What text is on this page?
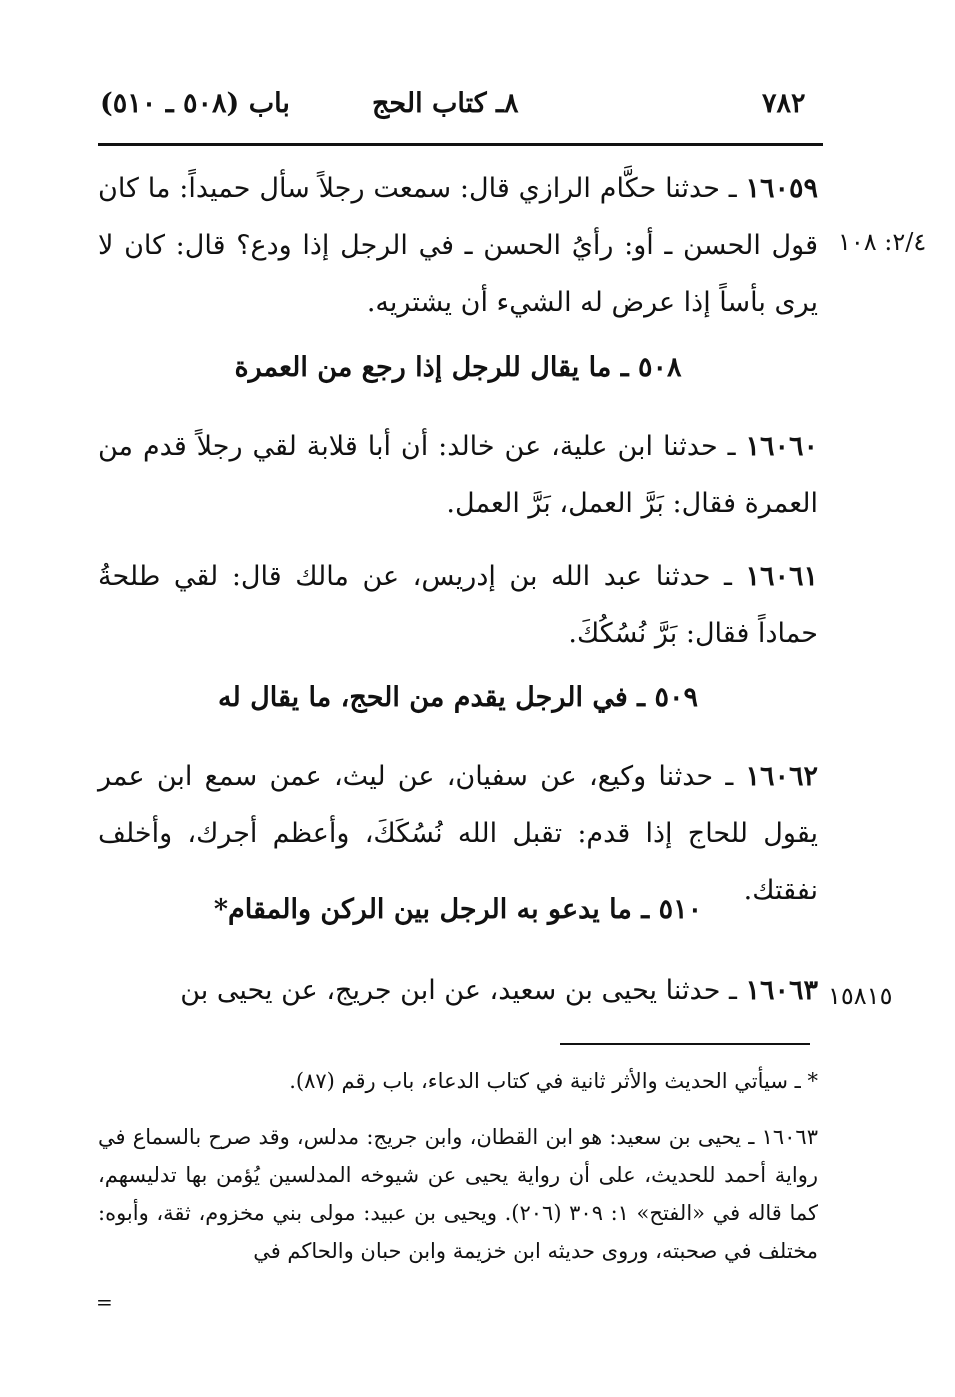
٧٨٢
٨ـ كتاب الحج
باب (٥٠٨ ـ ٥١٠)
٢/٤: ١٠٨
١٥٨١٥
١٦٠٥٩ ـ حدثنا حكَّام الرازي قال: سمعت رجلاً سأل حميداً: ما كان قول الحسن ـ أو: رأيُ الحسن ـ في الرجل إذا ودع؟ قال: كان لا يرى بأساً إذا عرض له الشيء أن يشتريه.
٥٠٨ ـ ما يقال للرجل إذا رجع من العمرة
١٦٠٦٠ ـ حدثنا ابن علية، عن خالد: أن أبا قلابة لقي رجلاً قدم من العمرة فقال: بَرَّ العمل، بَرَّ العمل.
١٦٠٦١ ـ حدثنا عبد الله بن إدريس، عن مالك قال: لقي طلحةُ حماداً فقال: بَرَّ نُسُكُكَ.
٥٠٩ ـ في الرجل يقدم من الحج، ما يقال له
١٦٠٦٢ ـ حدثنا وكيع، عن سفيان، عن ليث، عمن سمع ابن عمر يقول للحاج إذا قدم: تقبل الله نُسُكَكَ، وأعظم أجرك، وأخلف نفقتك.
٥١٠ ـ ما يدعو به الرجل بين الركن والمقام*
١٦٠٦٣ ـ حدثنا يحيى بن سعيد، عن ابن جريج، عن يحيى بن
* ـ سيأتي الحديث والأثر ثانية في كتاب الدعاء، باب رقم (٨٧).
١٦٠٦٣ ـ يحيى بن سعيد: هو ابن القطان، وابن جريج: مدلس، وقد صرح بالسماع في رواية أحمد للحديث، على أن رواية يحيى عن شيوخه المدلسين يُؤمن بها تدليسهم، كما قاله في «الفتح» ١: ٣٠٩ (٢٠٦). ويحيى بن عبيد: مولى بني مخزوم، ثقة، وأبوه: مختلف في صحبته، وروى حديثه ابن خزيمة وابن حبان والحاكم في
=
